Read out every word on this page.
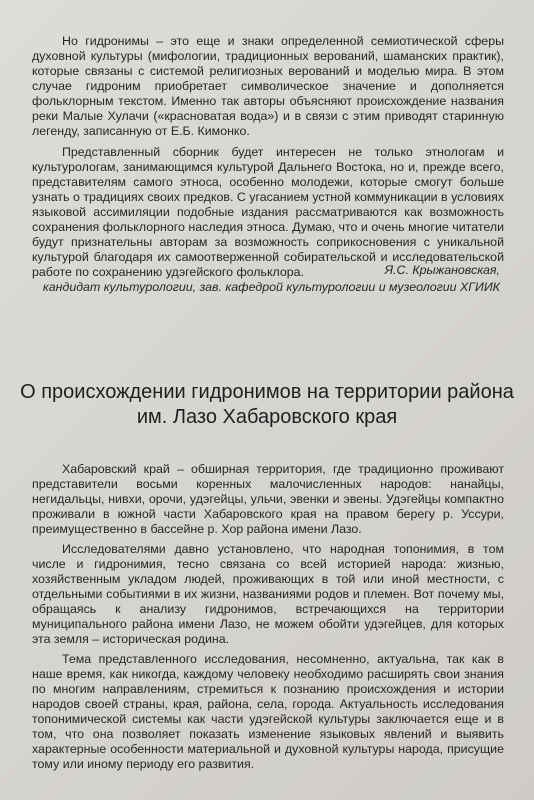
Но гидронимы – это еще и знаки определенной семиотической сферы духовной культуры (мифологии, традиционных верований, шаманских практик), которые связаны с системой религиозных верований и моделью мира. В этом случае гидроним приобретает символическое значение и дополняется фольклорным текстом. Именно так авторы объясняют происхождение названия реки Малые Хулачи («красноватая вода») и в связи с этим приводят старинную легенду, записанную от Е.Б. Кимонко.

Представленный сборник будет интересен не только этнологам и культурологам, занимающимся культурой Дальнего Востока, но и, прежде всего, представителям самого этноса, особенно молодежи, которые смогут больше узнать о традициях своих предков. С угасанием устной коммуникации в условиях языковой ассимиляции подобные издания рассматриваются как возможность сохранения фольклорного наследия этноса. Думаю, что и очень многие читатели будут признательны авторам за возможность соприкосновения с уникальной культурой благодаря их самоотверженной собирательской и исследовательской работе по сохранению удэгейского фольклора.	Я.С. Крыжановская,
кандидат культурологии, зав. кафедрой культурологии и музеологии ХГИИК
О происхождении гидронимов на территории района им. Лазо Хабаровского края

Хабаровский край – обширная территория, где традиционно проживают представители восьми коренных малочисленных народов: нанайцы, негидальцы, нивхи, орочи, удэгейцы, ульчи, эвенки и эвены. Удэгейцы компактно проживали в южной части Хабаровского края на правом берегу р. Уссури, преимущественно в бассейне р. Хор района имени Лазо.

Исследователями давно установлено, что народная топонимия, в том числе и гидронимия, тесно связана со всей историей народа: жизнью, хозяйственным укладом людей, проживающих в той или иной местности, с отдельными событиями в их жизни, названиями родов и племен. Вот почему мы, обращаясь к анализу гидронимов, встречающихся на территории муниципального района имени Лазо, не можем обойти удэгейцев, для которых эта земля – историческая родина.

Тема представленного исследования, несомненно, актуальна, так как в наше время, как никогда, каждому человеку необходимо расширять свои знания по многим направлениям, стремиться к познанию происхождения и истории народов своей страны, края, района, села, города. Актуальность исследования топонимической системы как части удэгейской культуры заключается еще и в том, что она позволяет показать изменение языковых явлений и выявить характерные особенности материальной и духовной культуры народа, присущие тому или иному периоду его развития.
